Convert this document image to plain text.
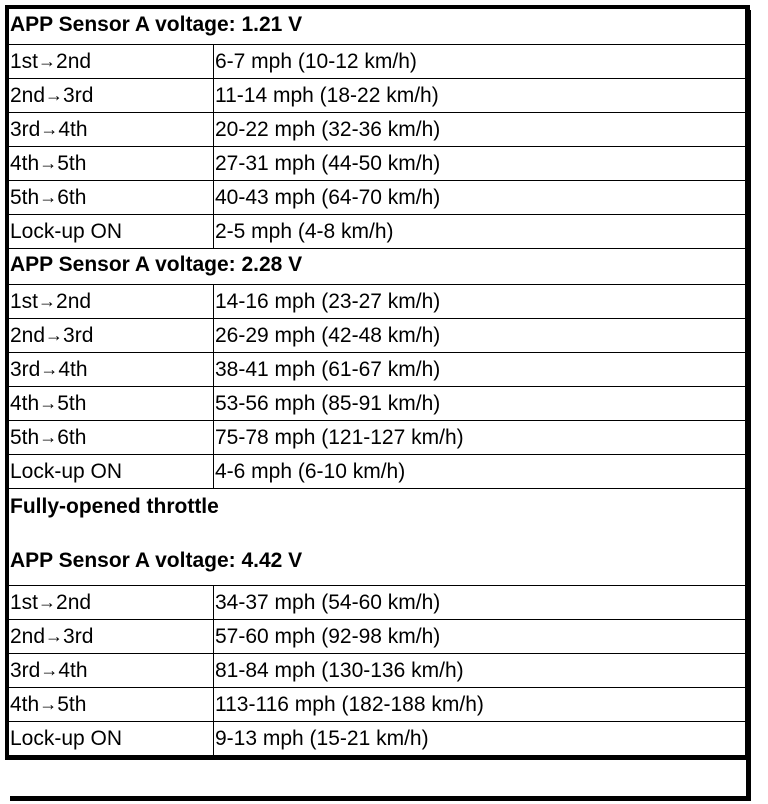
APP Sensor A voltage: 1.21 V	

1st→2nd	6-7 mph (10-12 km/h)
2nd→3rd	11-14 mph (18-22 km/h)
3rd→4th	20-22 mph (32-36 km/h)
4th→5th	27-31 mph (44-50 km/h)
5th→6th	40-43 mph (64-70 km/h)
Lock-up ON	2-5 mph (4-8 km/h)

APP Sensor A voltage: 2.28 V	

1st→2nd	14-16 mph (23-27 km/h)
2nd→3rd	26-29 mph (42-48 km/h)
3rd→4th	38-41 mph (61-67 km/h)
4th→5th	53-56 mph (85-91 km/h)
5th→6th	75-78 mph (121-127 km/h)
Lock-up ON	4-6 mph (6-10 km/h)

Fully-opened throttle
APP Sensor A voltage: 4.42 V	

1st→2nd	34-37 mph (54-60 km/h)
2nd→3rd	57-60 mph (92-98 km/h)
3rd→4th	81-84 mph (130-136 km/h)
4th→5th	113-116 mph (182-188 km/h)
Lock-up ON	9-13 mph (15-21 km/h)
